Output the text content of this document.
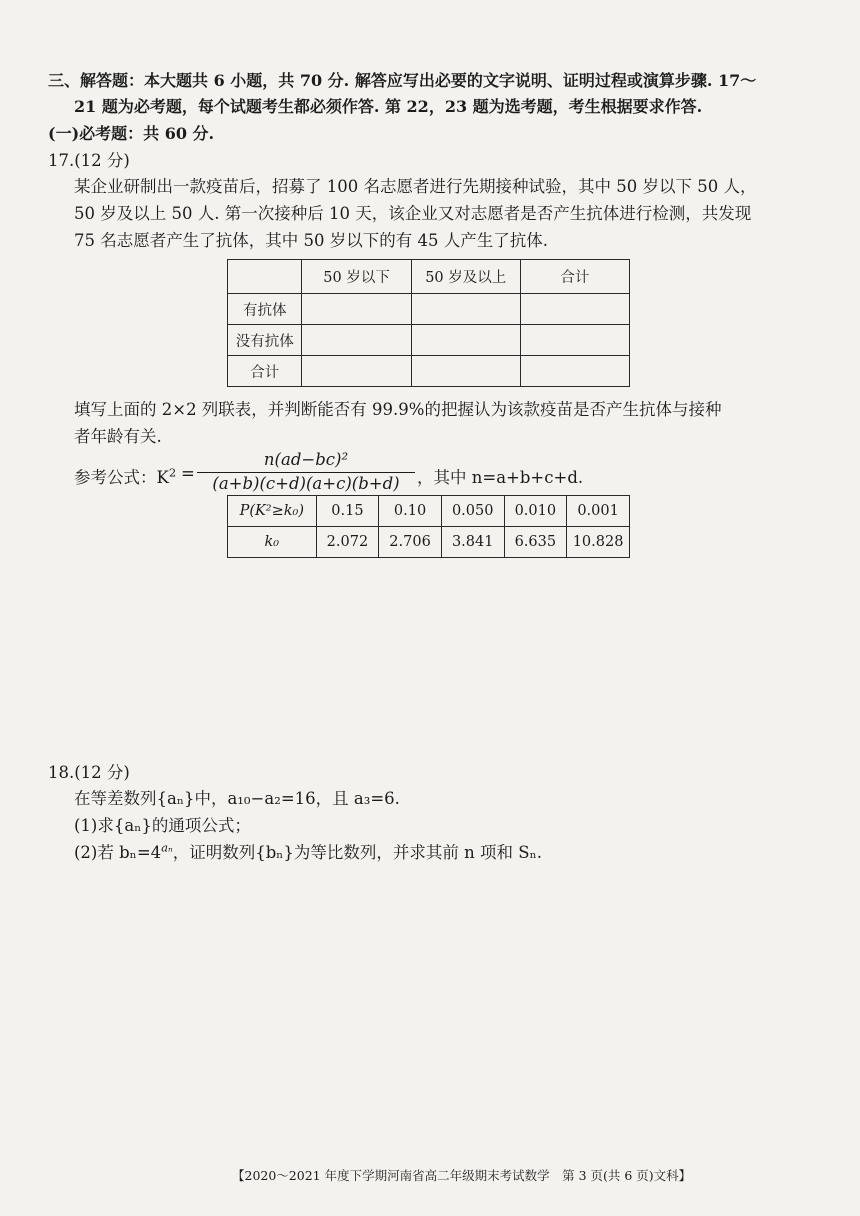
三、解答题：本大题共 6 小题，共 70 分. 解答应写出必要的文字说明、证明过程或演算步骤. 17～
21 题为必考题，每个试题考生都必须作答. 第 22，23 题为选考题，考生根据要求作答.
(一)必考题：共 60 分.
17.(12 分)
某企业研制出一款疫苗后，招募了 100 名志愿者进行先期接种试验，其中 50 岁以下 50 人，
50 岁及以上 50 人. 第一次接种后 10 天，该企业又对志愿者是否产生抗体进行检测，共发现
75 名志愿者产生了抗体，其中 50 岁以下的有 45 人产生了抗体.
	50 岁以下	50 岁及以上	合计
有抗体			
没有抗体			
合计			
填写上面的 2×2 列联表，并判断能否有 99.9%的把握认为该款疫苗是否产生抗体与接种
者年龄有关.
参考公式：$K^2$ =
n(ad−bc)²
(a+b)(c+d)(a+c)(b+d)	，其中 n=a+b+c+d.
P(K²≥k₀)	0.15	0.10	0.050	0.010	0.001
k₀	2.072	2.706	3.841	6.635	10.828
18.(12 分)
在等差数列{aₙ}中，a₁₀−a₂=16，且 a₃=6.
(1)求{aₙ}的通项公式；
(2)若 $b_n=4^{a_n}$，证明数列{bₙ}为等比数列，并求其前 n 项和 Sₙ.
【2020～2021 年度下学期河南省高二年级期末考试数学　第 3 页(共 6 页)文科】
